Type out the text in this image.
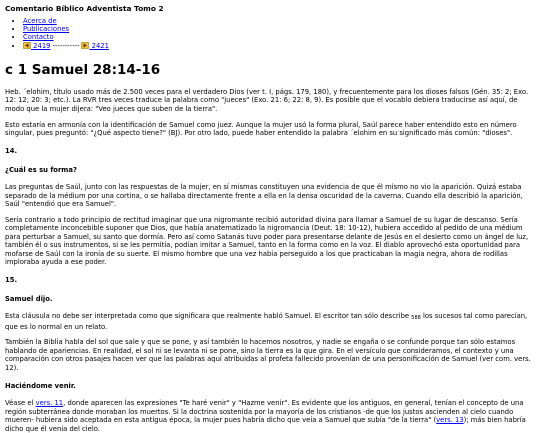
Comentario Bíblico Adventista Tomo 2
• Acerca de
• Publicaciones
• Contacto
• 2419 -----------	2421
c 1 Samuel 28:14-16

Heb. ´elohim, título usado más de 2.500 veces para el verdadero Dios (ver t. I, págs. 179, 180), y frecuentemente para los dioses falsos (Gén. 35: 2; Exo. 12: 12; 20: 3; etc.). La RVR tres veces traduce la palabra como "jueces" (Exo. 21: 6; 22: 8, 9). Es posible que el vocablo debiera traducirse así aquí, de modo que la mujer dijera: "Veo jueces que suben de la tierra".

Esto estaría en armonía con la identificación de Samuel como juez. Aunque la mujer usó la forma plural, Saúl parece haber entendido esto en número singular, pues preguntó: "¿Qué aspecto tiene?" (BJ). Por otro lado, puede haber entendido la palabra ´elohim en su significado más común: "dioses".

14.

¿Cuál es su forma?

Las preguntas de Saúl, junto con las respuestas de la mujer, en sí mismas constituyen una evidencia de que él mismo no vio la aparición. Quizá estaba separado de la médium por una cortina, o se hallaba directamente frente a ella en la densa oscuridad de la caverna. Cuando ella describió la aparición, Saúl "entendió que era Samuel".

Sería contrario a todo principio de rectitud imaginar que una nigromante recibió autoridad divina para llamar a Samuel de su lugar de descanso. Sería completamente inconcebible suponer que Dios, que había anatematizado la nigromancia (Deut. 18: 10-12), hubiera accedido al pedido de una médium para perturbar a Samuel, su santo que dormía. Pero así como Satanás tuvo poder para presentarse delante de Jesús en el desierto como un ángel de luz, también él o sus instrumentos, si se les permitía, podían imitar a Samuel, tanto en la forma como en la voz. El diablo aprovechó esta oportunidad para mofarse de Saúl con la ironía de su suerte. El mismo hombre que una vez había perseguido a los que practicaban la magia negra, ahora de rodillas imploraba ayuda a ese poder.

15.

Samuel dijo.

Esta cláusula no debe ser interpretada como que significara que realmente habló Samuel. El escritor tan sólo describe $_{588}$ los sucesos tal como parecían, que es lo normal en un relato.

También la Biblia habla del sol que sale y que se pone, y así también lo hacemos nosotros, y nadie se engaña o se confunde porque tan sólo estamos hablando de apariencias. En realidad, el sol ni se levanta ni se pone, sino la tierra es la que gira. En el versículo que consideramos, el contexto y una comparación con otros pasajes hacen ver que las palabras aquí atribuidas al profeta fallecido provenían de una personificación de Samuel (ver com. vers. 12).

Haciéndome venir.

Véase el vers. 11, donde aparecen las expresiones "Te haré venir" y "Hazme venir". Es evidente que los antiguos, en general, tenían el concepto de una región subterránea donde moraban los muertos. Si la doctrina sostenida por la mayoría de los cristianos -de que los justos ascienden al cielo cuando mueren- hubiera sido aceptada en esta antigua época, la mujer pues habría dicho que veía a Samuel que subía "de la tierra" (vers. 13); más bien habría dicho que él venía del cielo.
